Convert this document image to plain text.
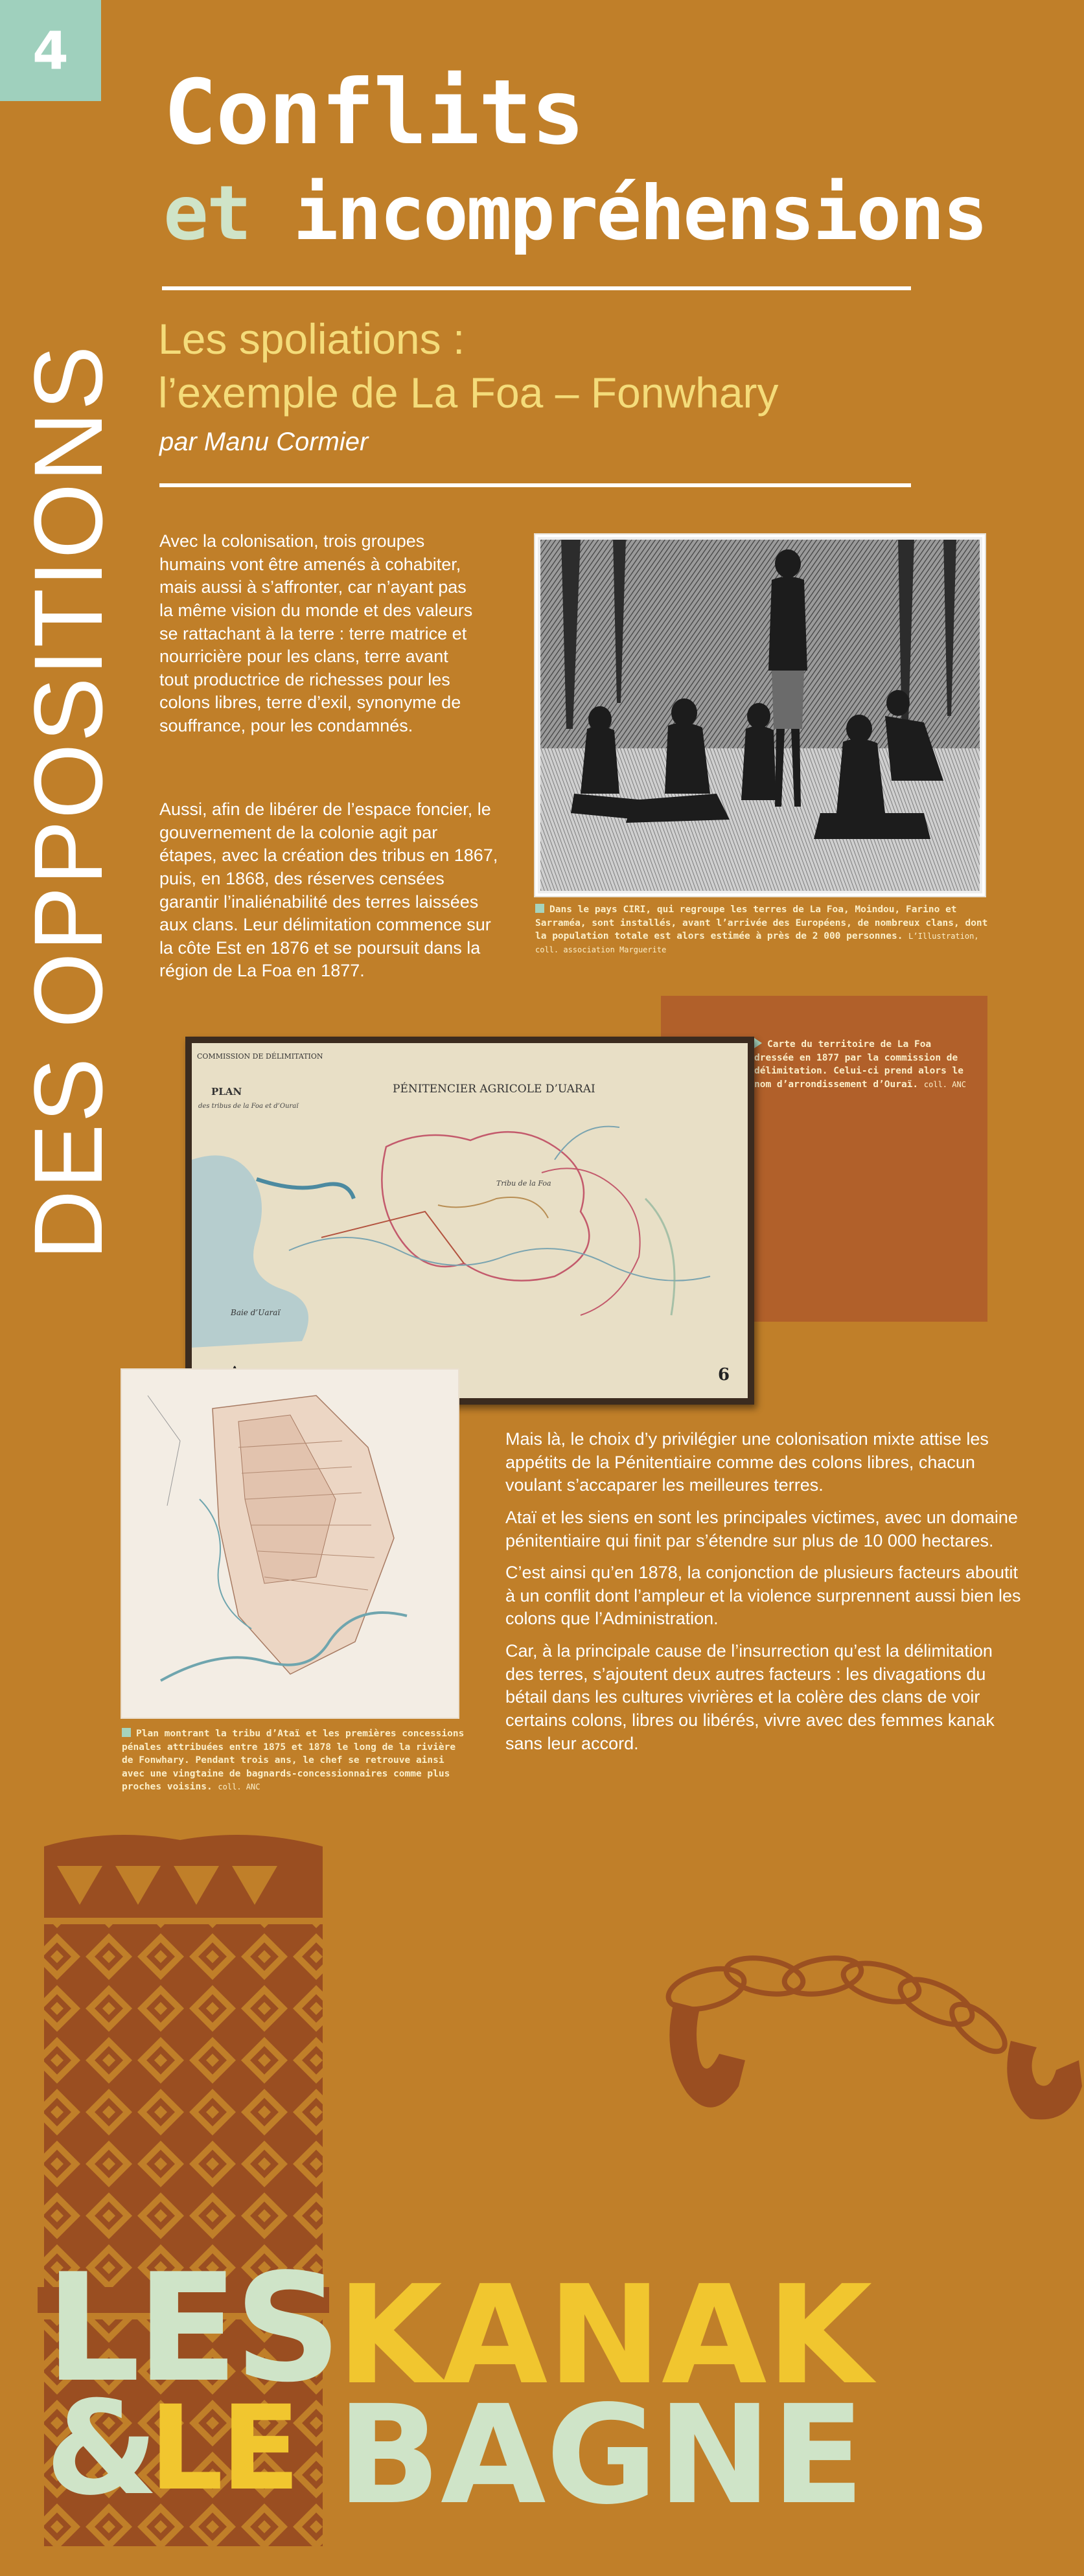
4
Conflits
et incompréhensions
Les spoliations :
l’exemple de La Foa – Fonwhary
par Manu Cormier
DES OPPOSITIONS Avec la colonisation, trois groupes humains vont être amenés à cohabiter, mais aussi à s’affronter, car n’ayant pas la même vision du monde et des valeurs se rattachant à la terre : terre matrice et nourricière pour les clans, terre avant tout productrice de richesses pour les colons libres, terre d’exil, synonyme de souffrance, pour les condamnés.

Aussi, afin de libérer de l’espace foncier, le gouvernement de la colonie agit par étapes, avec la création des tribus en 1867, puis, en 1868, des réserves censées garantir l’inaliénabilité des terres laissées aux clans. Leur délimitation commence sur la côte Est en 1876 et se poursuit dans la région de La Foa en 1877.

Dans le pays CIRI, qui regroupe les terres de La Foa, Moindou, Farino et Sarraméa, sont installés, avant l’arrivée des Européens, de nombreux clans, dont la population totale est alors estimée à près de 2 000 personnes. L’Illustration, coll. association Marguerite

Carte du territoire de La Foa dressée en 1877 par la commission de délimitation. Celui-ci prend alors le nom d’arrondissement d’Ouraï. coll. ANC

COMMISSION DE DÉLIMITATION
PLAN
des tribus de la Foa et d’Ouraï
PÉNITENCIER AGRICOLE D’UARAI
Tribu de la Foa
Baie d’Uaraï
6

Plan montrant la tribu d’Ataï et les premières concessions pénales attribuées entre 1875 et 1878 le long de la rivière de Fonwhary. Pendant trois ans, le chef se retrouve ainsi avec une vingtaine de bagnards-concessionnaires comme plus proches voisins. coll. ANC

Mais là, le choix d’y privilégier une colonisation mixte attise les appétits de la Pénitentiaire comme des colons libres, chacun voulant s’accaparer les meilleures terres.

Ataï et les siens en sont les principales victimes, avec un domaine pénitentiaire qui finit par s’étendre sur plus de 10 000 hectares.

C’est ainsi qu’en 1878, la conjonction de plusieurs facteurs aboutit à un conflit dont l’ampleur et la violence surprennent aussi bien les colons que l’Administration.

Car, à la principale cause de l’insurrection qu’est la délimitation des terres, s’ajoutent deux autres facteurs : les divagations du bétail dans les cultures vivrières et la colère des clans de voir certains colons, libres ou libérés, vivre avec des femmes kanak sans leur accord.

LES
KANAK
&
LE BAGNE
